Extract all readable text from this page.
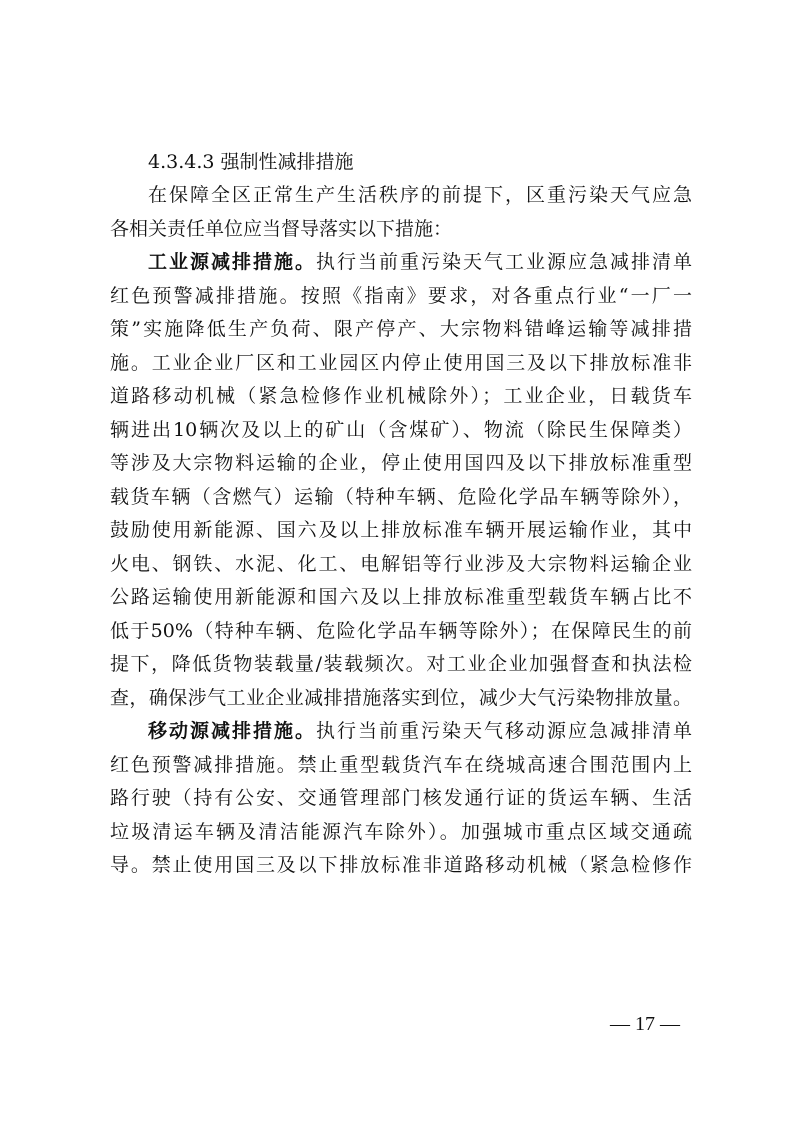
4.3.4.3 强制性减排措施

在保障全区正常生产生活秩序的前提下，区重污染天气应急
各相关责任单位应当督导落实以下措施：
工业源减排措施。执行当前重污染天气工业源应急减排清单
红色预警减排措施。按照《指南》要求，对各重点行业“一厂一
策”实施降低生产负荷、限产停产、大宗物料错峰运输等减排措
施。工业企业厂区和工业园区内停止使用国三及以下排放标准非
道路移动机械（紧急检修作业机械除外）；工业企业，日载货车
辆进出10辆次及以上的矿山（含煤矿）、物流（除民生保障类）
等涉及大宗物料运输的企业，停止使用国四及以下排放标准重型
载货车辆（含燃气）运输（特种车辆、危险化学品车辆等除外），
鼓励使用新能源、国六及以上排放标准车辆开展运输作业，其中
火电、钢铁、水泥、化工、电解铝等行业涉及大宗物料运输企业
公路运输使用新能源和国六及以上排放标准重型载货车辆占比不
低于50%（特种车辆、危险化学品车辆等除外）；在保障民生的前
提下，降低货物装载量/装载频次。对工业企业加强督查和执法检
查，确保涉气工业企业减排措施落实到位，减少大气污染物排放量。
移动源减排措施。执行当前重污染天气移动源应急减排清单
红色预警减排措施。禁止重型载货汽车在绕城高速合围范围内上
路行驶（持有公安、交通管理部门核发通行证的货运车辆、生活
垃圾清运车辆及清洁能源汽车除外）。加强城市重点区域交通疏
导。禁止使用国三及以下排放标准非道路移动机械（紧急检修作
— 17 —
